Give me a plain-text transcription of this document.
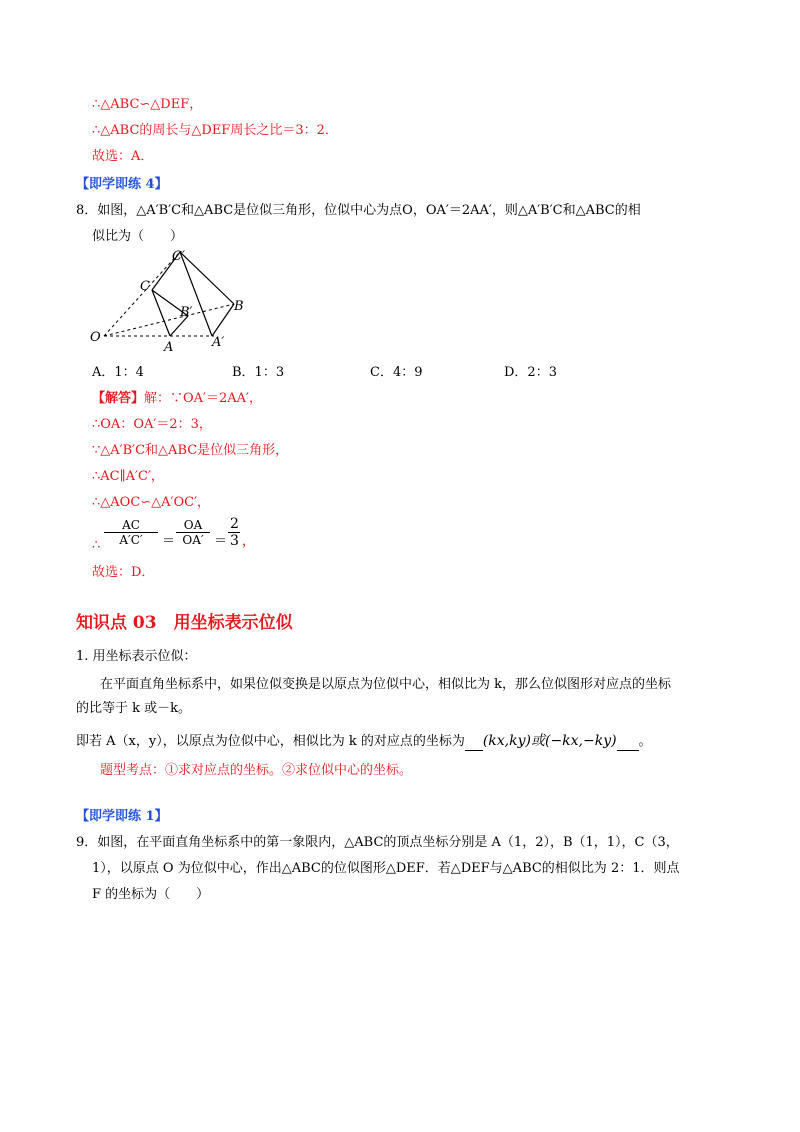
∴△ABC∽△DEF，
∴△ABC的周长与△DEF周长之比＝3：2．
故选：A．
【即学即练 4】
8．如图，△A′B′C和△ABC是位似三角形，位似中心为点O，OA′＝2AA′，则△A′B′C和△ABC的相
似比为（　　）
O
A	A′
B
B′
C
C′
A．1：4	B．1：3	C．4：9	D．2：3
【解答】解：∵OA′＝2AA′，
∴OA：OA′＝2：3，
∵△A′B′C和△ABC是位似三角形，
∴AC∥A′C′，
∴△AOC∽△A′OC′，
∴ $\frac{AC}{A'C'} = \frac{OA}{OA'} = \frac{2}{3}$ ，
故选：D．
知识点 03　用坐标表示位似
1. 用坐标表示位似：
在平面直角坐标系中，如果位似变换是以原点为位似中心，相似比为 k，那么位似图形对应点的坐标
的比等于 k 或－k。
即若 A（x，y），以原点为位似中心，相似比为 k 的对应点的坐标为 (kx,ky)或(−kx,−ky) 。
题型考点：①求对应点的坐标。②求位似中心的坐标。
【即学即练 1】
9．如图，在平面直角坐标系中的第一象限内，△ABC的顶点坐标分别是 A（1，2），B（1，1），C（3，
1），以原点 O 为位似中心，作出△ABC的位似图形△DEF．若△DEF与△ABC的相似比为 2：1．则点
F 的坐标为（　　）
